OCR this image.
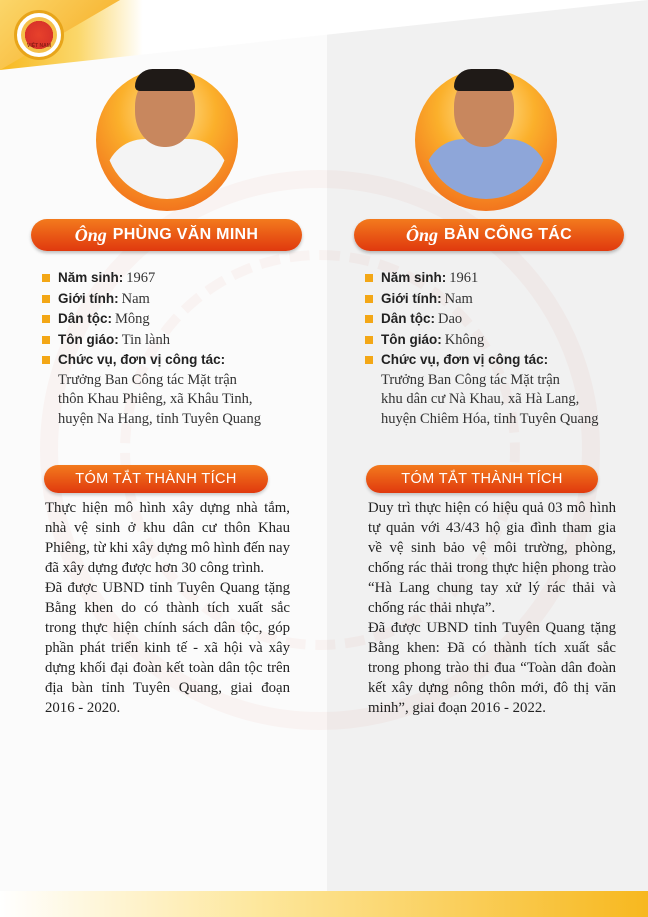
VIỆT NAM
Ông PHÙNG VĂN MINH
Năm sinh: 1967
Giới tính: Nam
Dân tộc: Mông
Tôn giáo: Tin lành
Chức vụ, đơn vị công tác:
Trưởng Ban Công tác Mặt trận
thôn Khau Phiêng, xã Khâu Tinh,
huyện Na Hang, tỉnh Tuyên Quang
TÓM TẮT THÀNH TÍCH

Thực hiện mô hình xây dựng nhà tắm, nhà vệ sinh ở khu dân cư thôn Khau Phiêng, từ khi xây dựng mô hình đến nay đã xây dựng được hơn 30 công trình.

Đã được UBND tỉnh Tuyên Quang tặng Bằng khen do có thành tích xuất sắc trong thực hiện chính sách dân tộc, góp phần phát triển kinh tế - xã hội và xây dựng khối đại đoàn kết toàn dân tộc trên địa bàn tỉnh Tuyên Quang, giai đoạn 2016 - 2020.

Ông BÀN CÔNG TÁC
Năm sinh: 1961
Giới tính: Nam
Dân tộc: Dao
Tôn giáo: Không
Chức vụ, đơn vị công tác:
Trưởng Ban Công tác Mặt trận
khu dân cư Nà Khau, xã Hà Lang,
huyện Chiêm Hóa, tỉnh Tuyên Quang
TÓM TẮT THÀNH TÍCH

Duy trì thực hiện có hiệu quả 03 mô hình tự quản với 43/43 hộ gia đình tham gia về vệ sinh bảo vệ môi trường, phòng, chống rác thải trong thực hiện phong trào “Hà Lang chung tay xử lý rác thải và chống rác thải nhựa”.

Đã được UBND tỉnh Tuyên Quang tặng Bằng khen: Đã có thành tích xuất sắc trong phong trào thi đua “Toàn dân đoàn kết xây dựng nông thôn mới, đô thị văn minh”, giai đoạn 2016 - 2022.
